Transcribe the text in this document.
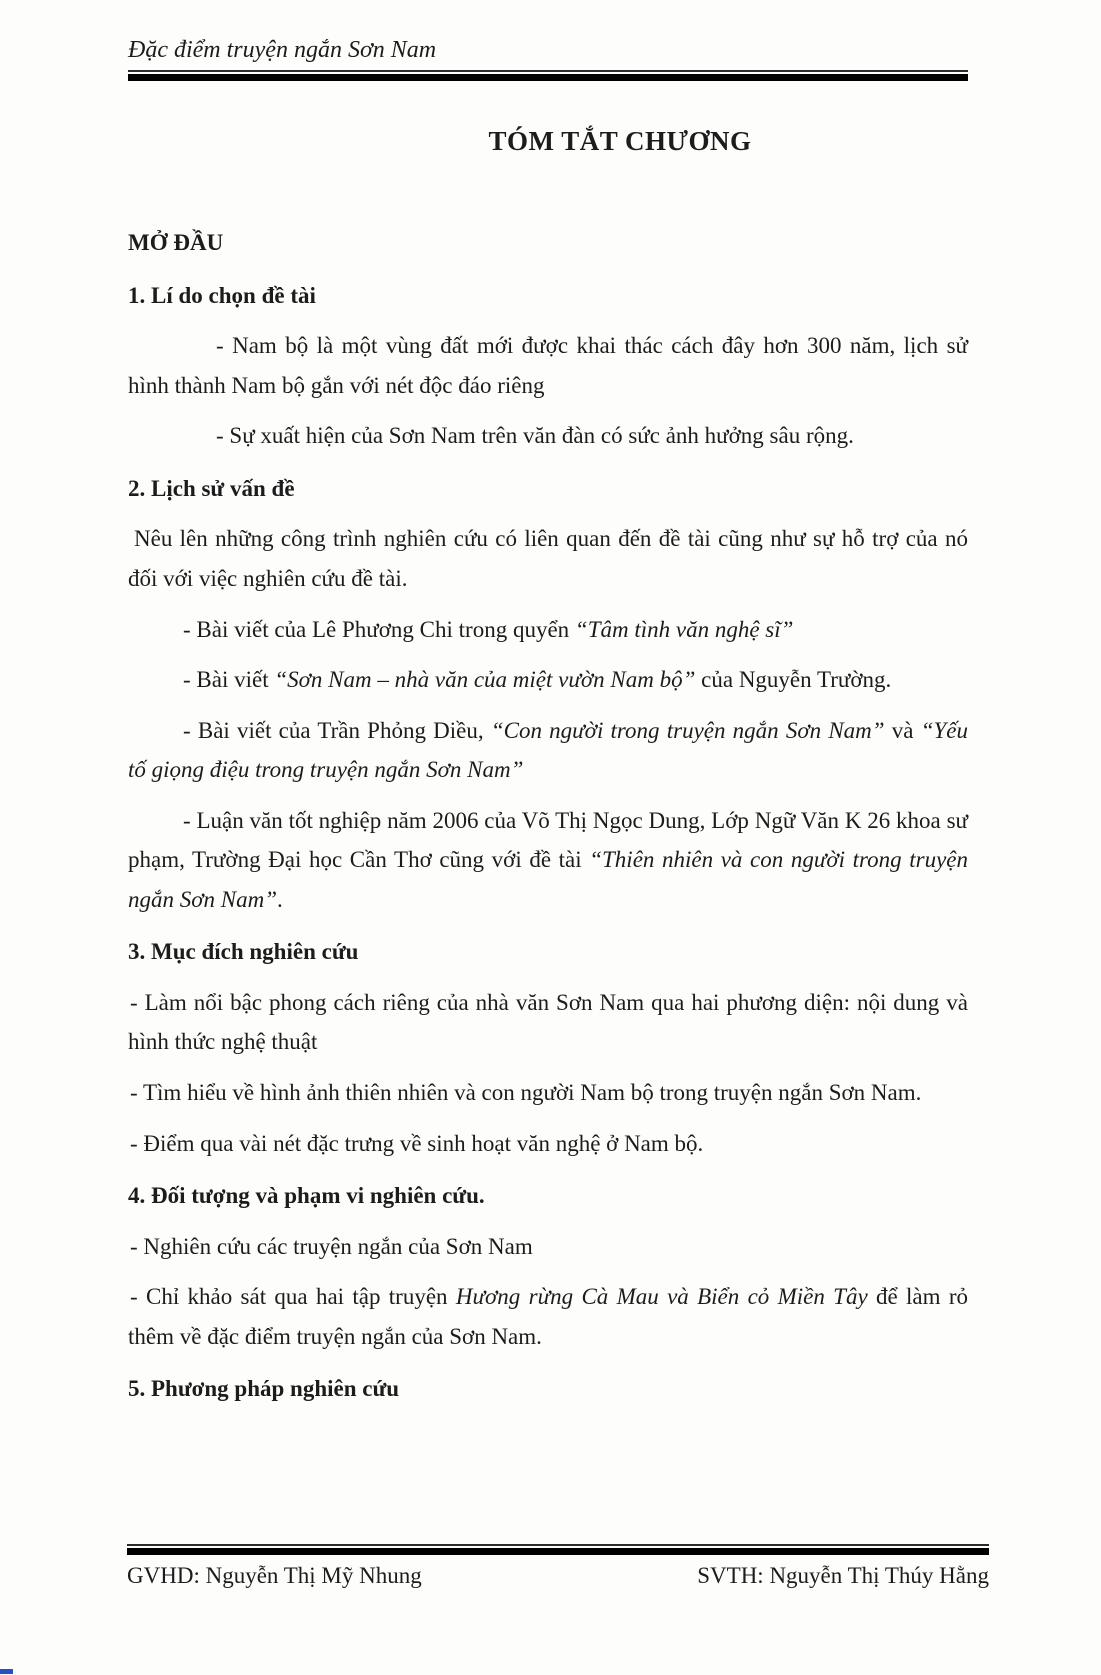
Đặc điểm truyện ngắn Sơn Nam
TÓM TẮT CHƯƠNG

MỞ ĐẦU

1. Lí do chọn đề tài

- Nam bộ là một vùng đất mới được khai thác cách đây hơn 300 năm, lịch sử hình thành Nam bộ gắn với nét độc đáo riêng

- Sự xuất hiện của Sơn Nam trên văn đàn có sức ảnh hưởng sâu rộng.

2. Lịch sử vấn đề

Nêu lên những công trình nghiên cứu có liên quan đến đề tài cũng như sự hỗ trợ của nó đối với việc nghiên cứu đề tài.

- Bài viết của Lê Phương Chi trong quyển “Tâm tình văn nghệ sĩ”

- Bài viết “Sơn Nam – nhà văn của miệt vườn Nam bộ” của Nguyễn Trường.

- Bài viết của Trần Phỏng Diều, “Con người trong truyện ngắn Sơn Nam” và “Yếu tố giọng điệu trong truyện ngắn Sơn Nam”

- Luận văn tốt nghiệp năm 2006 của Võ Thị Ngọc Dung, Lớp Ngữ Văn K 26 khoa sư phạm, Trường Đại học Cần Thơ cũng với đề tài “Thiên nhiên và con người trong truyện ngắn Sơn Nam”.

3. Mục đích nghiên cứu

- Làm nổi bậc phong cách riêng của nhà văn Sơn Nam qua hai phương diện: nội dung và hình thức nghệ thuật

- Tìm hiểu về hình ảnh thiên nhiên và con người Nam bộ trong truyện ngắn Sơn Nam.

- Điểm qua vài nét đặc trưng về sinh hoạt văn nghệ ở Nam bộ.

4. Đối tượng và phạm vi nghiên cứu.

- Nghiên cứu các truyện ngắn của Sơn Nam

- Chỉ khảo sát qua hai tập truyện Hương rừng Cà Mau và Biển cỏ Miền Tây để làm rỏ thêm về đặc điểm truyện ngắn của Sơn Nam.

5. Phương pháp nghiên cứu

GVHD: Nguyễn Thị Mỹ Nhung	SVTH: Nguyễn Thị Thúy Hằng
